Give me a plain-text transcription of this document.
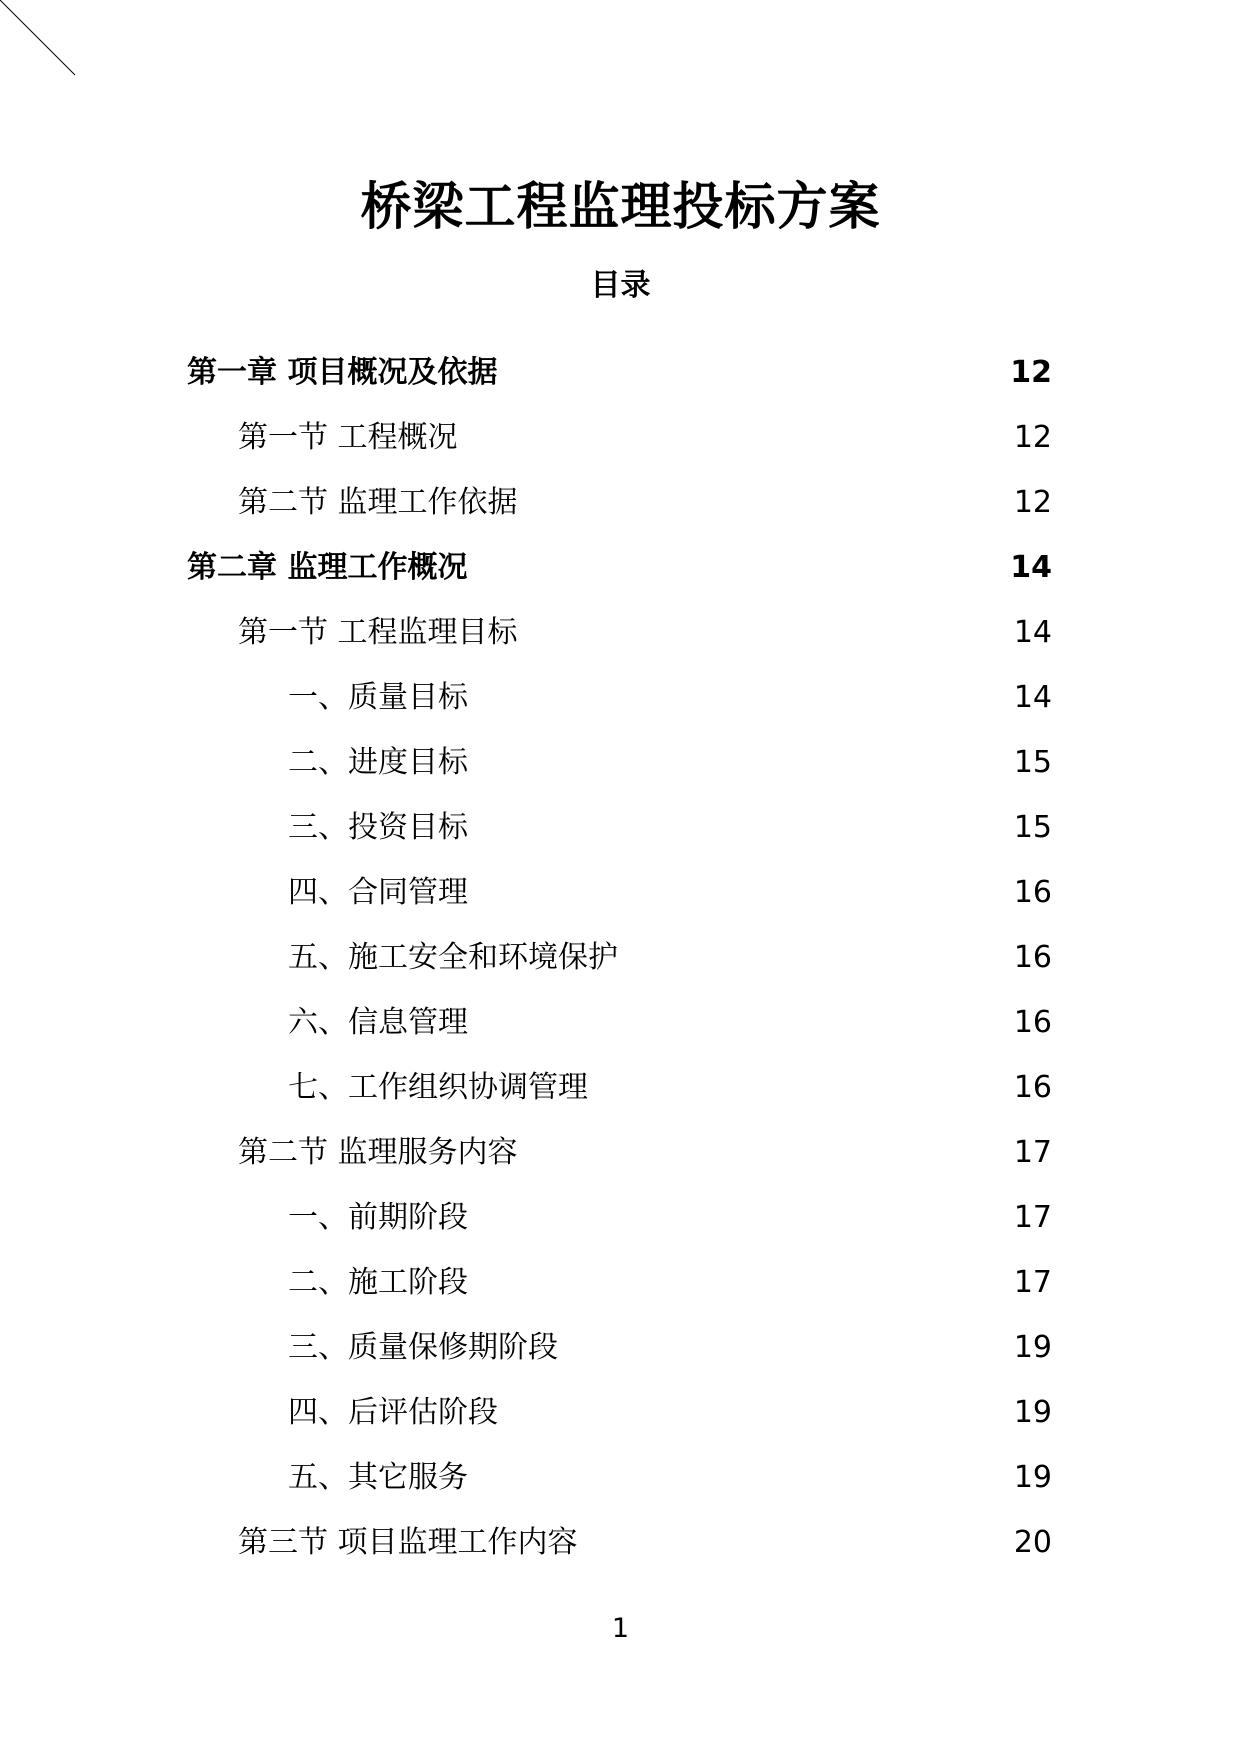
桥梁工程监理投标方案
目录
第一章 项目概况及依据	12
第一节 工程概况	12
第二节 监理工作依据	12
第二章 监理工作概况	14
第一节 工程监理目标	14
一、质量目标	14
二、进度目标	15
三、投资目标	15
四、合同管理	16
五、施工安全和环境保护	16
六、信息管理	16
七、工作组织协调管理	16
第二节 监理服务内容	17
一、前期阶段	17
二、施工阶段	17
三、质量保修期阶段	19
四、后评估阶段	19
五、其它服务	19
第三节 项目监理工作内容	20
1
